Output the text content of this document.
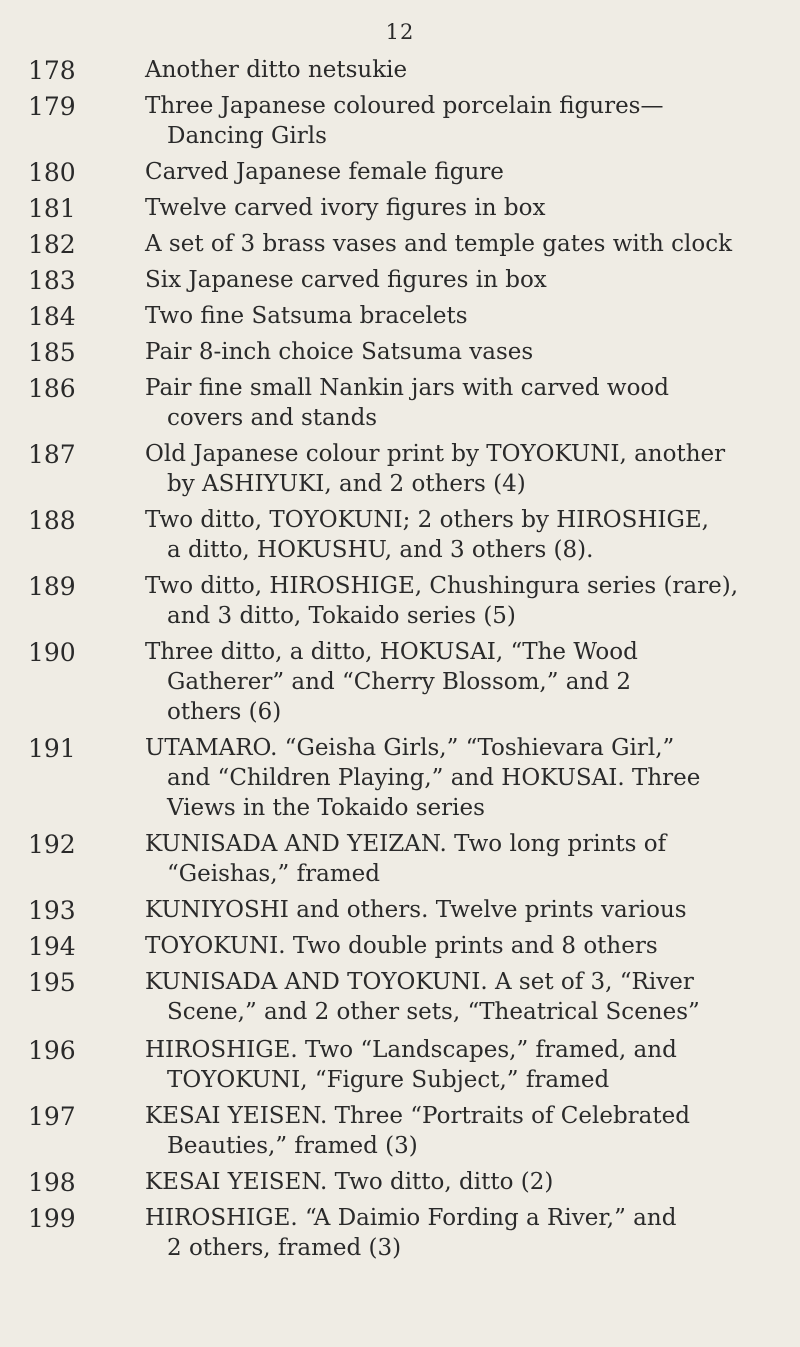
12
178	Another ditto netsukie
179	Three Japanese coloured porcelain figures—
Dancing Girls
180	Carved Japanese female figure
181	Twelve carved ivory figures in box
182	A set of 3 brass vases and temple gates with clock
183	Six Japanese carved figures in box
184	Two fine Satsuma bracelets
185	Pair 8-inch choice Satsuma vases
186	Pair fine small Nankin jars with carved wood
covers and stands
187	Old Japanese colour print by TOYOKUNI, another
by ASHIYUKI, and 2 others (4)
188	Two ditto, TOYOKUNI; 2 others by HIROSHIGE,
a ditto, HOKUSHU, and 3 others (8).
189	Two ditto, HIROSHIGE, Chushingura series (rare),
and 3 ditto, Tokaido series (5)
190	Three ditto, a ditto, HOKUSAI, “The Wood
Gatherer” and “Cherry Blossom,” and 2
others (6)
191	UTAMARO. “Geisha Girls,” “Toshievara Girl,”
and “Children Playing,” and HOKUSAI. Three
Views in the Tokaido series
192	KUNISADA AND YEIZAN. Two long prints of
“Geishas,” framed
193	KUNIYOSHI and others. Twelve prints various
194	TOYOKUNI. Two double prints and 8 others
195	KUNISADA AND TOYOKUNI. A set of 3, “River
Scene,” and 2 other sets, “Theatrical Scenes”
196	HIROSHIGE. Two “Landscapes,” framed, and
TOYOKUNI, “Figure Subject,” framed
197	KESAI YEISEN. Three “Portraits of Celebrated
Beauties,” framed (3)
198	KESAI YEISEN. Two ditto, ditto (2)
199	HIROSHIGE. “A Daimio Fording a River,” and
2 others, framed (3)
